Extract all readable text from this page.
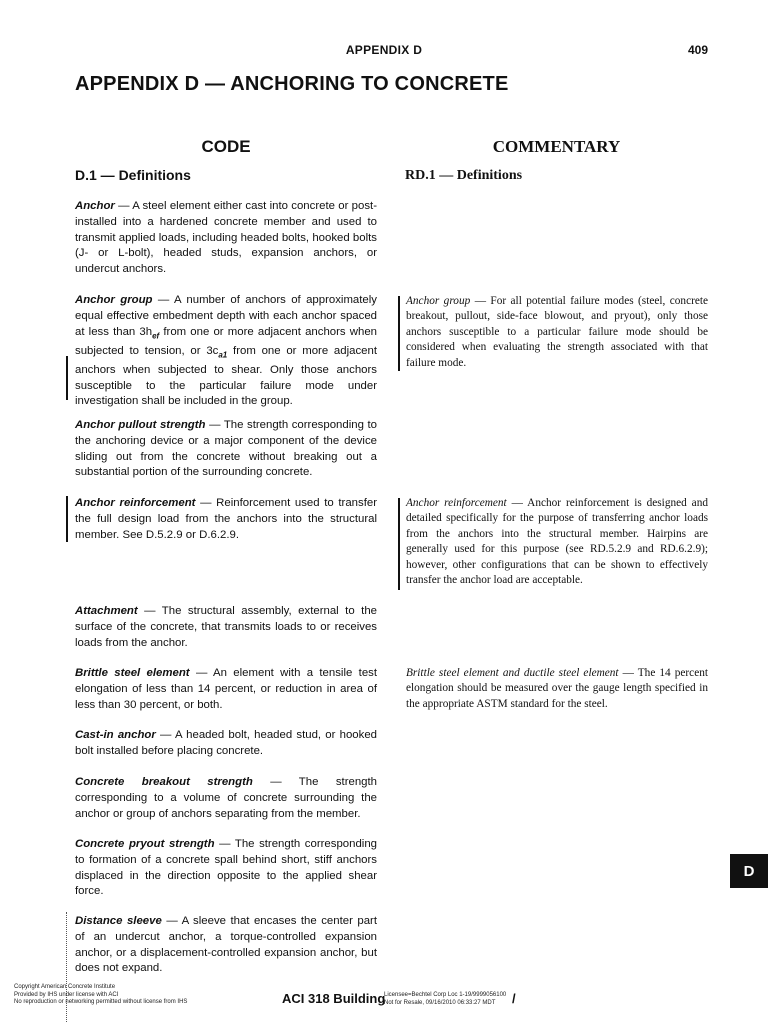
APPENDIX D	409
APPENDIX D — ANCHORING TO CONCRETE
CODE	COMMENTARY
D.1 — Definitions	RD.1 — Definitions

Anchor — A steel element either cast into concrete or post-installed into a hardened concrete member and used to transmit applied loads, including headed bolts, hooked bolts (J- or L-bolt), headed studs, expansion anchors, or undercut anchors.

Anchor group — A number of anchors of approximately equal effective embedment depth with each anchor spaced at less than $3h_{ef}$ from one or more adjacent anchors when subjected to tension, or $3c_{a1}$ from one or more adjacent anchors when subjected to shear. Only those anchors susceptible to the particular failure mode under investigation shall be included in the group.

Anchor pullout strength — The strength corresponding to the anchoring device or a major component of the device sliding out from the concrete without breaking out a substantial portion of the surrounding concrete.

Anchor reinforcement — Reinforcement used to transfer the full design load from the anchors into the structural member. See D.5.2.9 or D.6.2.9.

Attachment — The structural assembly, external to the surface of the concrete, that transmits loads to or receives loads from the anchor.

Brittle steel element — An element with a tensile test elongation of less than 14 percent, or reduction in area of less than 30 percent, or both.

Cast-in anchor — A headed bolt, headed stud, or hooked bolt installed before placing concrete.

Concrete breakout strength — The strength corresponding to a volume of concrete surrounding the anchor or group of anchors separating from the member.

Concrete pryout strength — The strength corresponding to formation of a concrete spall behind short, stiff anchors displaced in the direction opposite to the applied shear force.

Distance sleeve — A sleeve that encases the center part of an undercut anchor, a torque-controlled expansion anchor, or a displacement-controlled expansion anchor, but does not expand.

Anchor group — For all potential failure modes (steel, concrete breakout, pullout, side-face blowout, and pryout), only those anchors susceptible to a particular failure mode should be considered when evaluating the strength associated with that failure mode.

Anchor reinforcement — Anchor reinforcement is designed and detailed specifically for the purpose of transferring anchor loads from the anchors into the structural member. Hairpins are generally used for this purpose (see RD.5.2.9 and RD.6.2.9); however, other configurations that can be shown to effectively transfer the anchor load are acceptable.

Brittle steel element and ductile steel element — The 14 percent elongation should be measured over the gauge length specified in the appropriate ASTM standard for the steel.

D
Copyright American Concrete Institute
Provided by IHS under license with ACI
No reproduction or networking permitted without license from IHS	ACI 318 Building
Licensee=Bechtel Corp Loc 1-19/9999056100
Not for Resale, 09/16/2010 06:33:27 MDT	/
